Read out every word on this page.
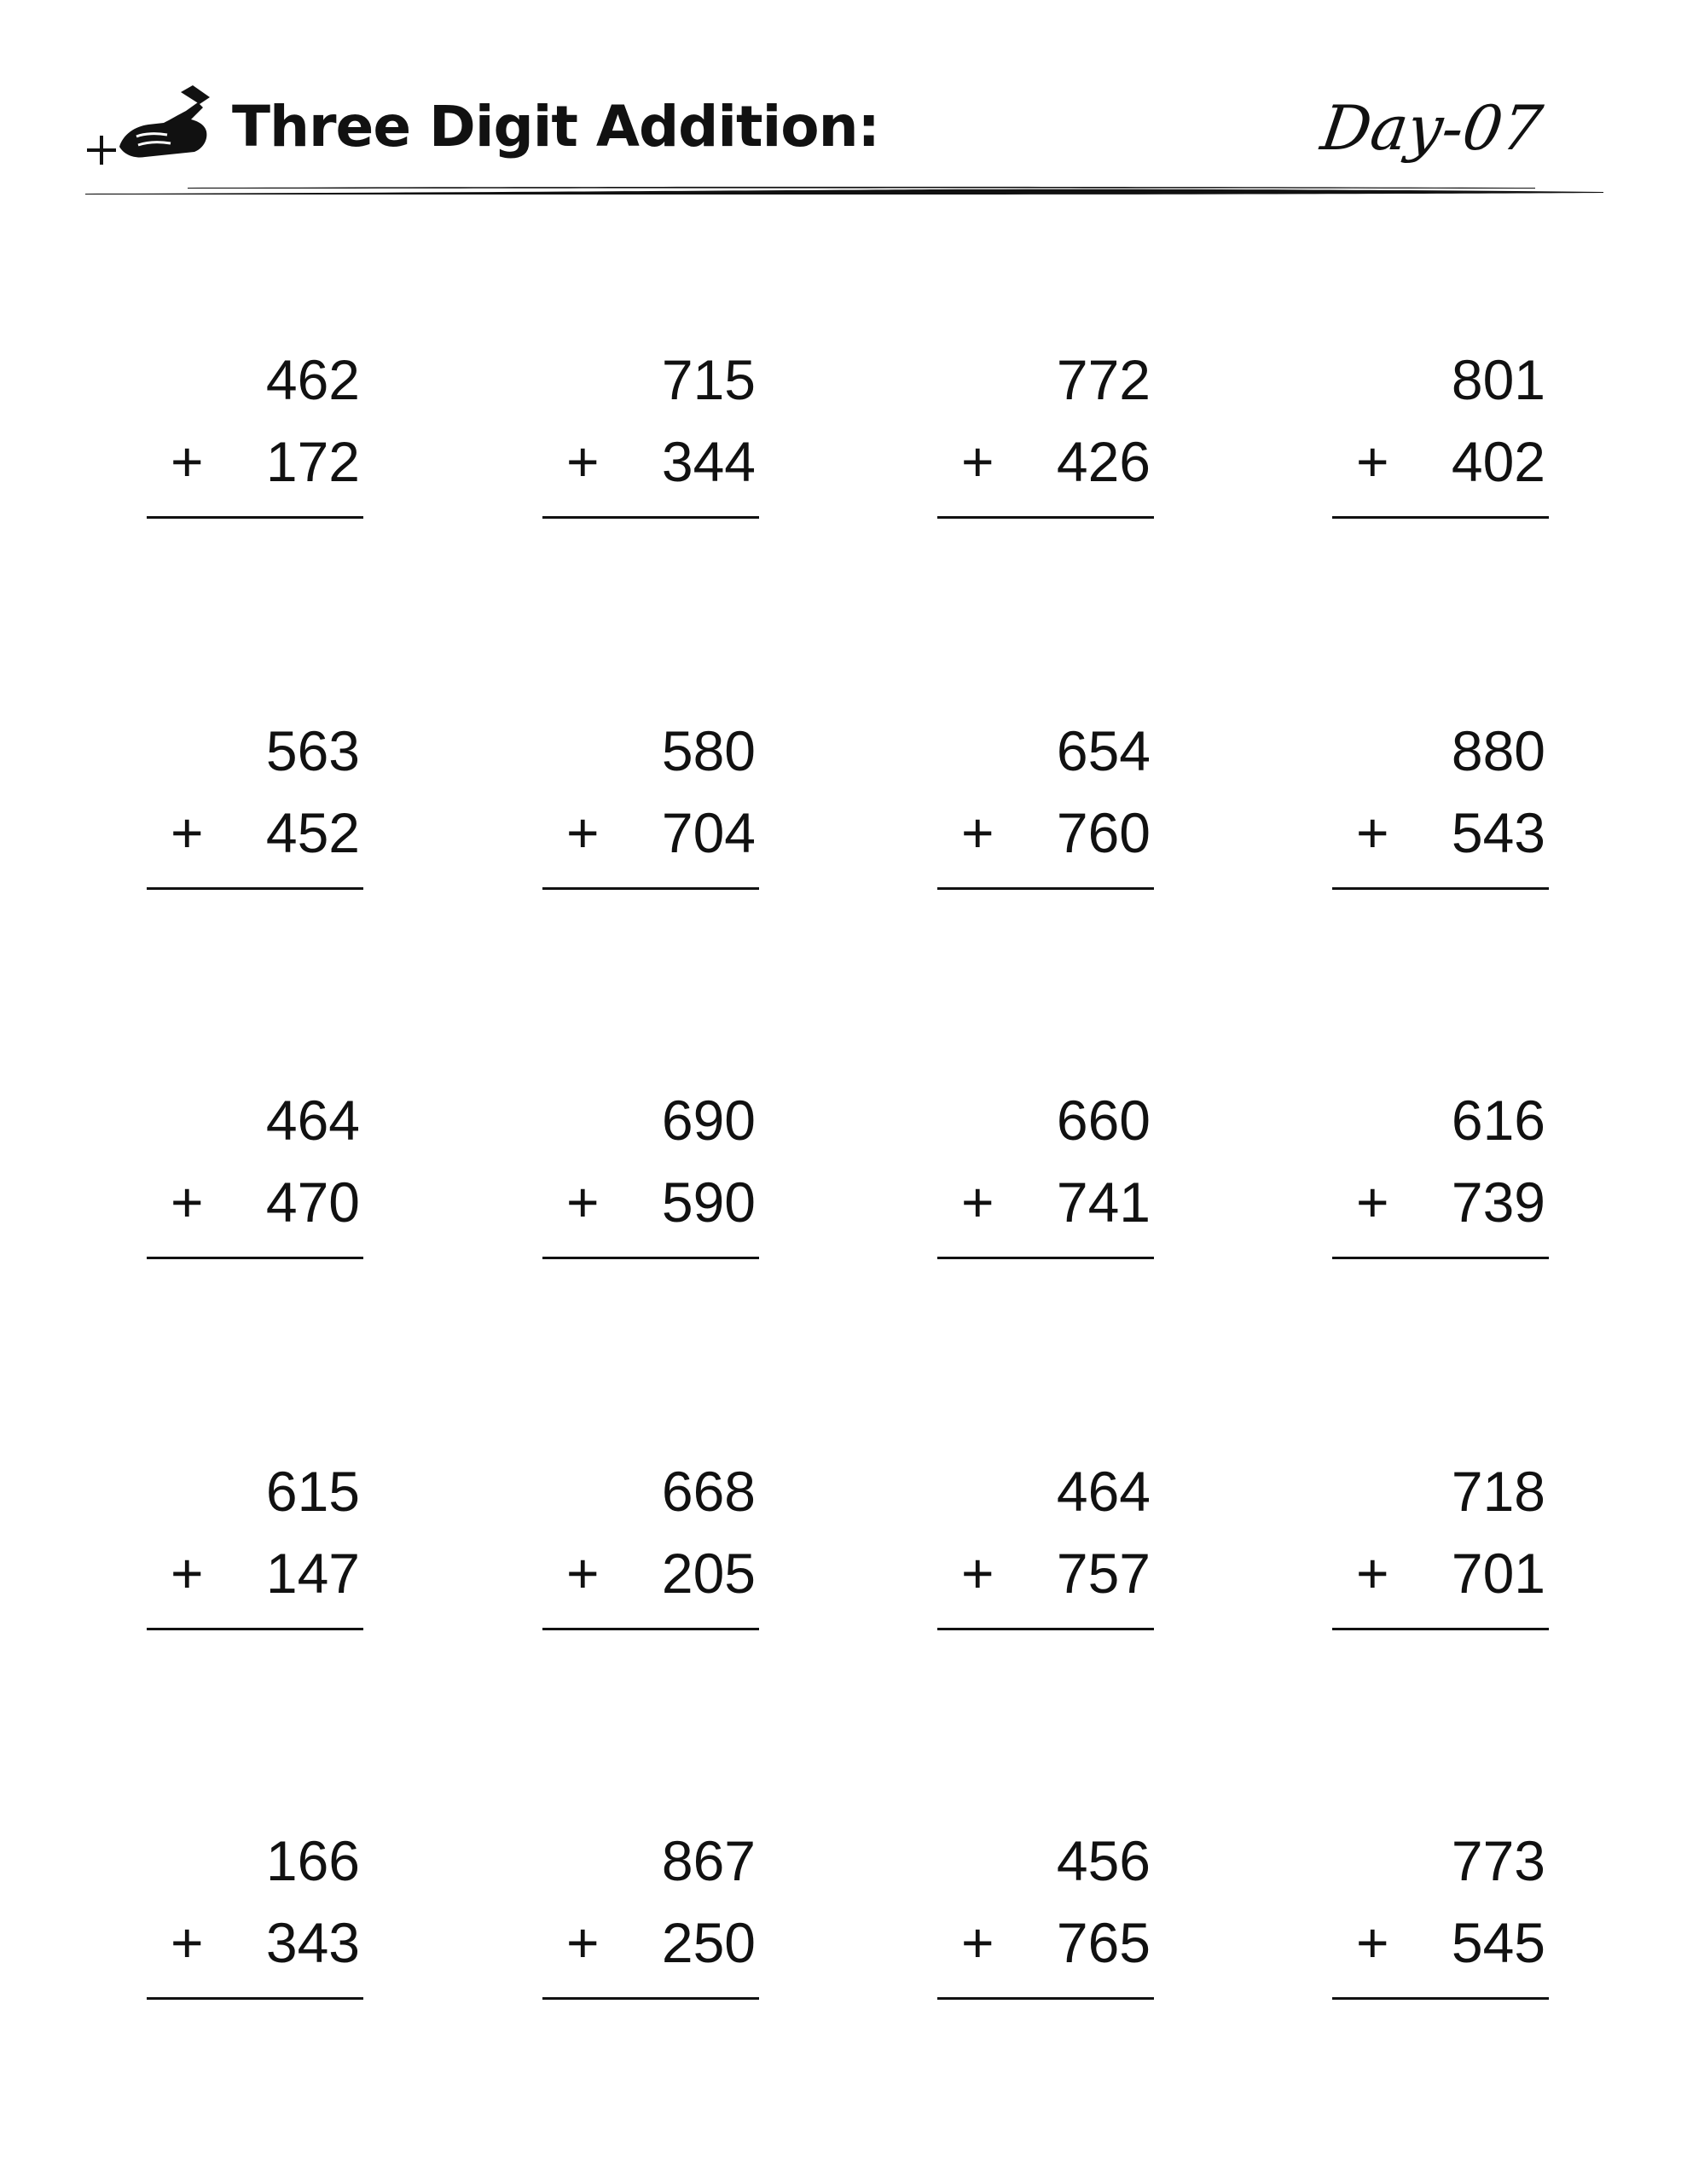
Three Digit Addition:	Day-07
462
+ 172
715
+ 344
772
+ 426
801
+ 402
563
+ 452
580
+ 704
654
+ 760
880
+ 543
464
+ 470
690
+ 590
660
+ 741
616
+ 739
615
+ 147
668
+ 205
464
+ 757
718
+ 701
166
+ 343
867
+ 250
456
+ 765
773
+ 545
